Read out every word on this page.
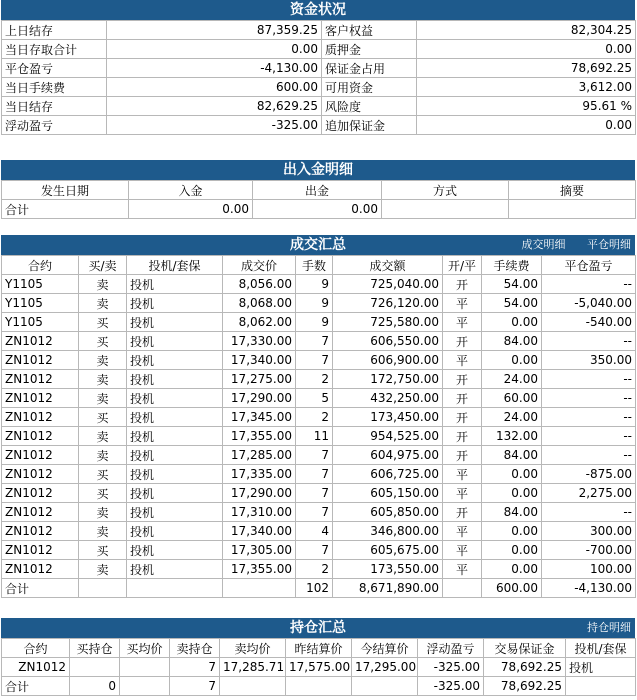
资金状况
上日结存	87,359.25	客户权益	82,304.25
当日存取合计	0.00	质押金	0.00
平仓盈亏	-4,130.00	保证金占用	78,692.25
当日手续费	600.00	可用资金	3,612.00
当日结存	82,629.25	风险度	95.61 %
浮动盈亏	-325.00	追加保证金	0.00
出入金明细
发生日期	入金	出金	方式	摘要
合计	0.00	0.00		
成交汇总	成交明细 平仓明细
合约	买/卖	投机/套保	成交价	手数	成交额	开/平	手续费	平仓盈亏
Y1105	卖	投机	8,056.00	9	725,040.00	开	54.00	--
Y1105	卖	投机	8,068.00	9	726,120.00	平	54.00	-5,040.00
Y1105	买	投机	8,062.00	9	725,580.00	平	0.00	-540.00
ZN1012	买	投机	17,330.00	7	606,550.00	开	84.00	--
ZN1012	卖	投机	17,340.00	7	606,900.00	平	0.00	350.00
ZN1012	卖	投机	17,275.00	2	172,750.00	开	24.00	--
ZN1012	卖	投机	17,290.00	5	432,250.00	开	60.00	--
ZN1012	买	投机	17,345.00	2	173,450.00	开	24.00	--
ZN1012	卖	投机	17,355.00	11	954,525.00	开	132.00	--
ZN1012	卖	投机	17,285.00	7	604,975.00	开	84.00	--
ZN1012	买	投机	17,335.00	7	606,725.00	平	0.00	-875.00
ZN1012	买	投机	17,290.00	7	605,150.00	平	0.00	2,275.00
ZN1012	卖	投机	17,310.00	7	605,850.00	开	84.00	--
ZN1012	卖	投机	17,340.00	4	346,800.00	平	0.00	300.00
ZN1012	买	投机	17,305.00	7	605,675.00	平	0.00	-700.00
ZN1012	卖	投机	17,355.00	2	173,550.00	平	0.00	100.00
合计				102	8,671,890.00		600.00	-4,130.00
持仓汇总	持仓明细
合约	买持仓	买均价	卖持仓	卖均价	昨结算价	今结算价	浮动盈亏	交易保证金	投机/套保
ZN1012			7	17,285.71	17,575.00	17,295.00	-325.00	78,692.25	投机
合计	0		7				-325.00	78,692.25	
